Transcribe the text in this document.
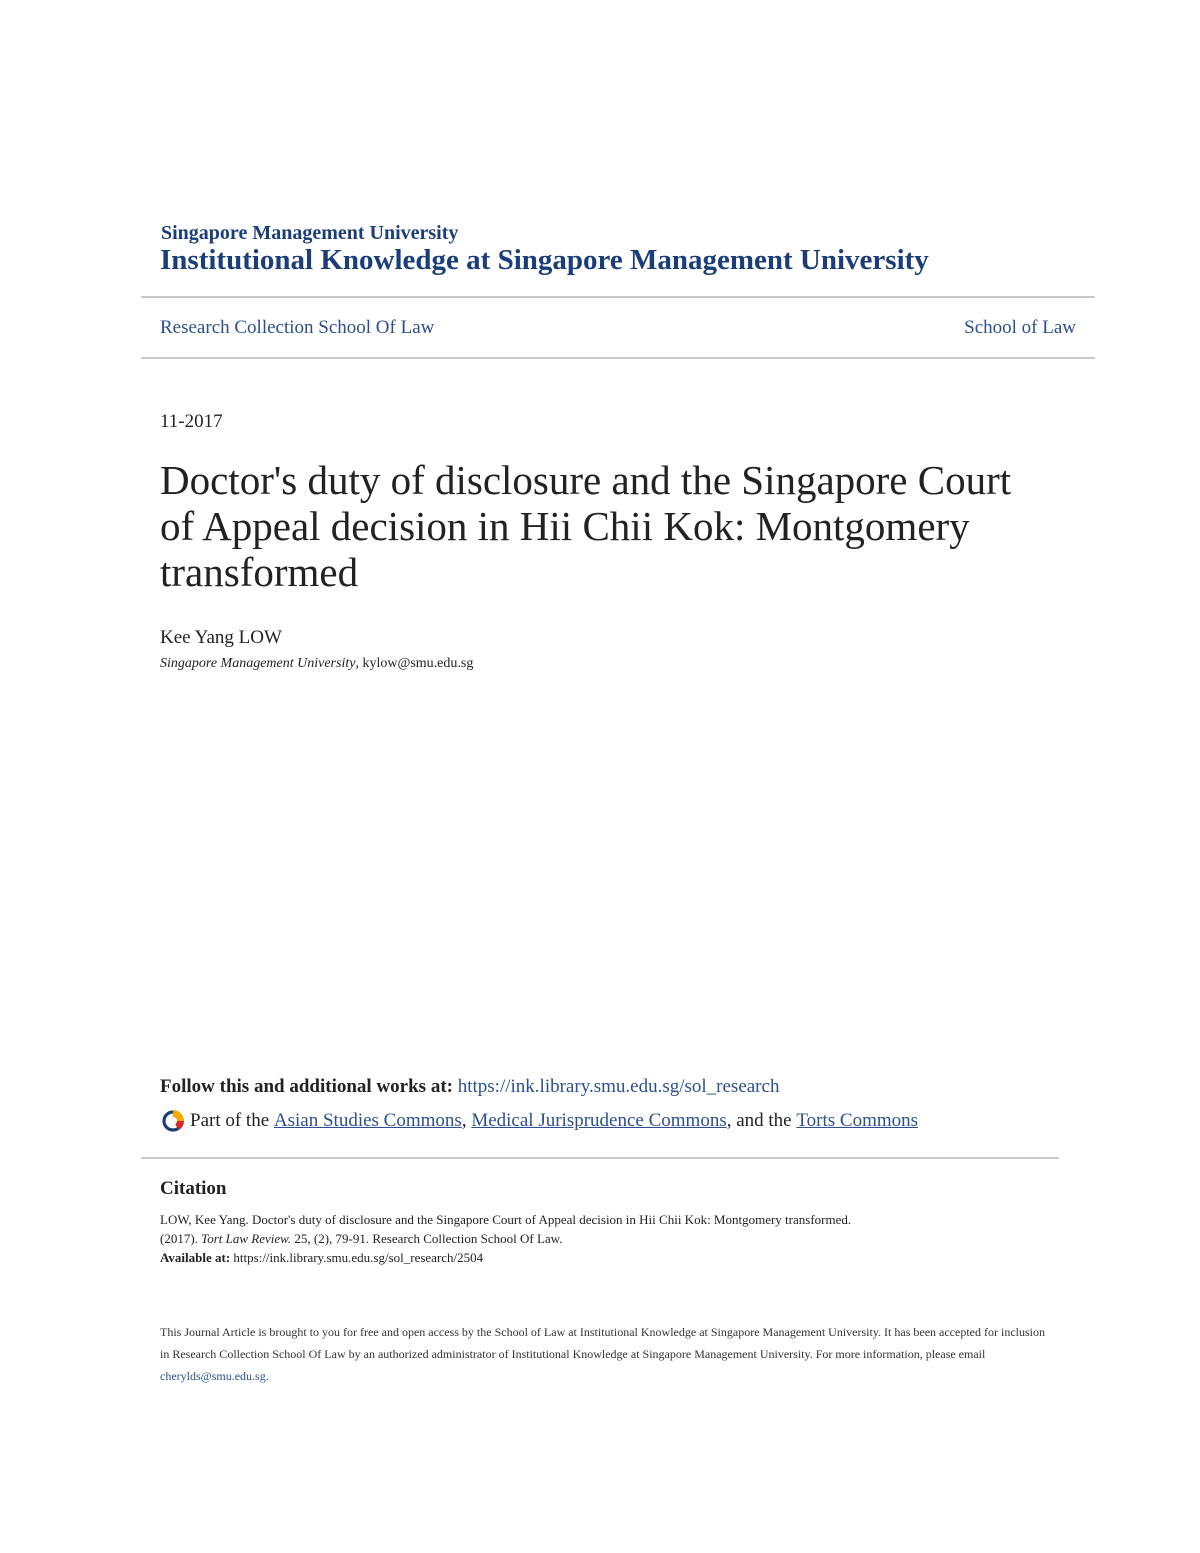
Singapore Management University
Institutional Knowledge at Singapore Management University
Research Collection School Of Law	School of Law
11-2017
Doctor's duty of disclosure and the Singapore Court of Appeal decision in Hii Chii Kok: Montgomery transformed
Kee Yang LOW
Singapore Management University, kylow@smu.edu.sg
Follow this and additional works at: https://ink.library.smu.edu.sg/sol_research
Part of the
Asian Studies Commons ,
Medical Jurisprudence Commons , and the
Torts Commons
Citation
LOW, Kee Yang. Doctor's duty of disclosure and the Singapore Court of Appeal decision in Hii Chii Kok: Montgomery transformed.
(2017). Tort Law Review. 25, (2), 79-91. Research Collection School Of Law.
Available at: https://ink.library.smu.edu.sg/sol_research/2504
This Journal Article is brought to you for free and open access by the School of Law at Institutional Knowledge at Singapore Management University. It has been accepted for inclusion in Research Collection School Of Law by an authorized administrator of Institutional Knowledge at Singapore Management University. For more information, please email cherylds@smu.edu.sg.
